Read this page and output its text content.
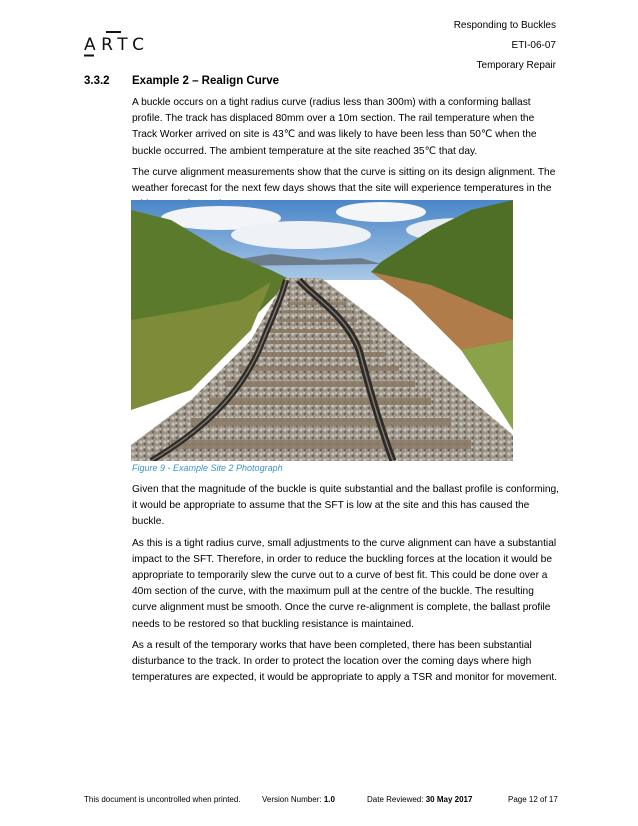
ARTC
Responding to Buckles
ETI-06-07
Temporary Repair
3.3.2 Example 2 – Realign Curve

A buckle occurs on a tight radius curve (radius less than 300m) with a conforming ballast profile. The track has displaced 80mm over a 10m section. The rail temperature when the Track Worker arrived on site is 43℃ and was likely to have been less than 50℃ when the buckle occurred. The ambient temperature at the site reached 35℃ that day.

The curve alignment measurements show that the curve is sitting on its design alignment. The weather forecast for the next few days shows that the site will experience temperatures in the

Figure 9 - Example Site 2 Photograph

Given that the magnitude of the buckle is quite substantial and the ballast profile is conforming, it would be appropriate to assume that the SFT is low at the site and this has caused the buckle.

As this is a tight radius curve, small adjustments to the curve alignment can have a substantial impact to the SFT. Therefore, in order to reduce the buckling forces at the location it would be appropriate to temporarily slew the curve out to a curve of best fit. This could be done over a 40m section of the curve, with the maximum pull at the centre of the buckle. The resulting curve alignment must be smooth. Once the curve re-alignment is complete, the ballast profile needs to be restored so that buckling resistance is maintained.

As a result of the temporary works that have been completed, there has been substantial disturbance to the track. In order to protect the location over the coming days where high temperatures are expected, it would be appropriate to apply a TSR and monitor for movement.

This document is uncontrolled when printed.	Version Number: 1.0	Date Reviewed: 30 May 2017	Page 12 of 17
